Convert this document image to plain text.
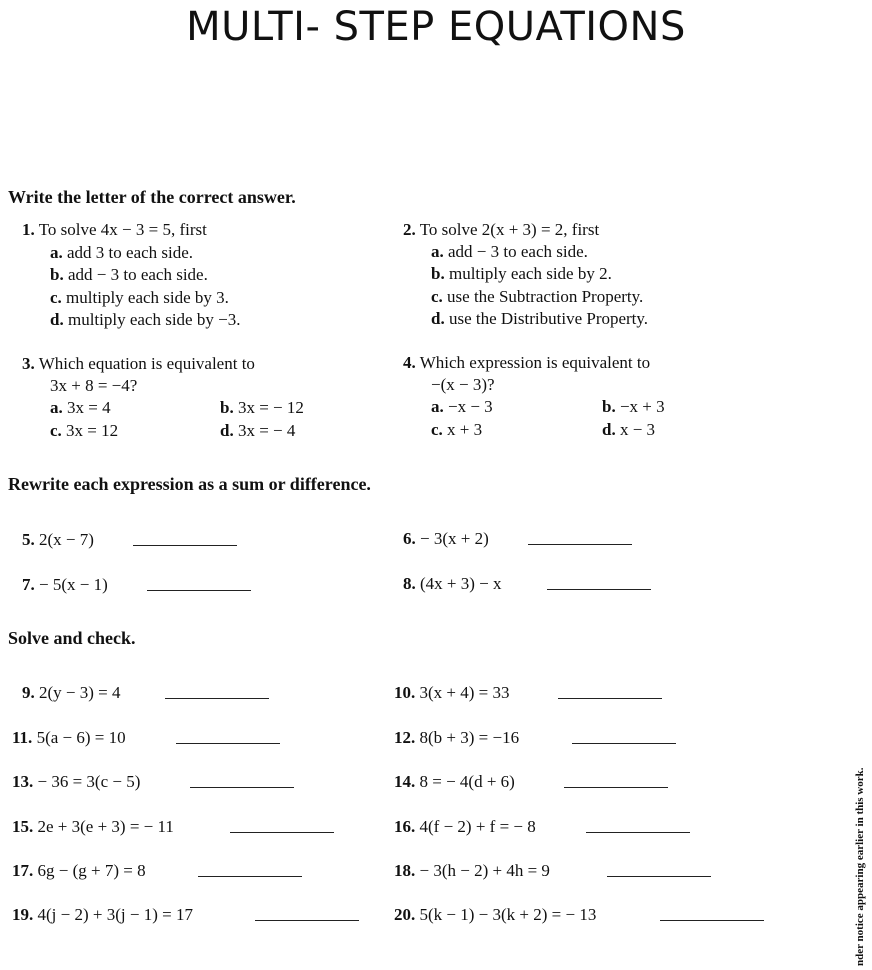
MULTI- STEP EQUATIONS
Write the letter of the correct answer.
1. To solve 4x − 3 = 5, first
a. add 3 to each side.
b. add − 3 to each side.
c. multiply each side by 3.
d. multiply each side by −3.
2. To solve 2(x + 3) = 2, first
a. add − 3 to each side.
b. multiply each side by 2.
c. use the Subtraction Property.
d. use the Distributive Property.
3. Which equation is equivalent to
3x + 8 = −4?
a. 3x = 4	b. 3x = − 12
c. 3x = 12	d. 3x = − 4
4. Which expression is equivalent to
−(x − 3)?
a. −x − 3	b. −x + 3
c. x + 3	d. x − 3
Rewrite each expression as a sum or difference.
5. 2(x − 7)	6. − 3(x + 2)
7. − 5(x − 1)	8. (4x + 3) − x
Solve and check.
9. 2(y − 3) = 4
11. 5(a − 6) = 10
13. − 36 = 3(c − 5)
15. 2e + 3(e + 3) = − 11
17. 6g − (g + 7) = 8
19. 4(j − 2) + 3(j − 1) = 17
10. 3(x + 4) = 33
12. 8(b + 3) = −16
14. 8 = − 4(d + 6)
16. 4(f − 2) + f = − 8
18. − 3(h − 2) + 4h = 9
20. 5(k − 1) − 3(k + 2) = − 13	nder notice appearing earlier in this work.
